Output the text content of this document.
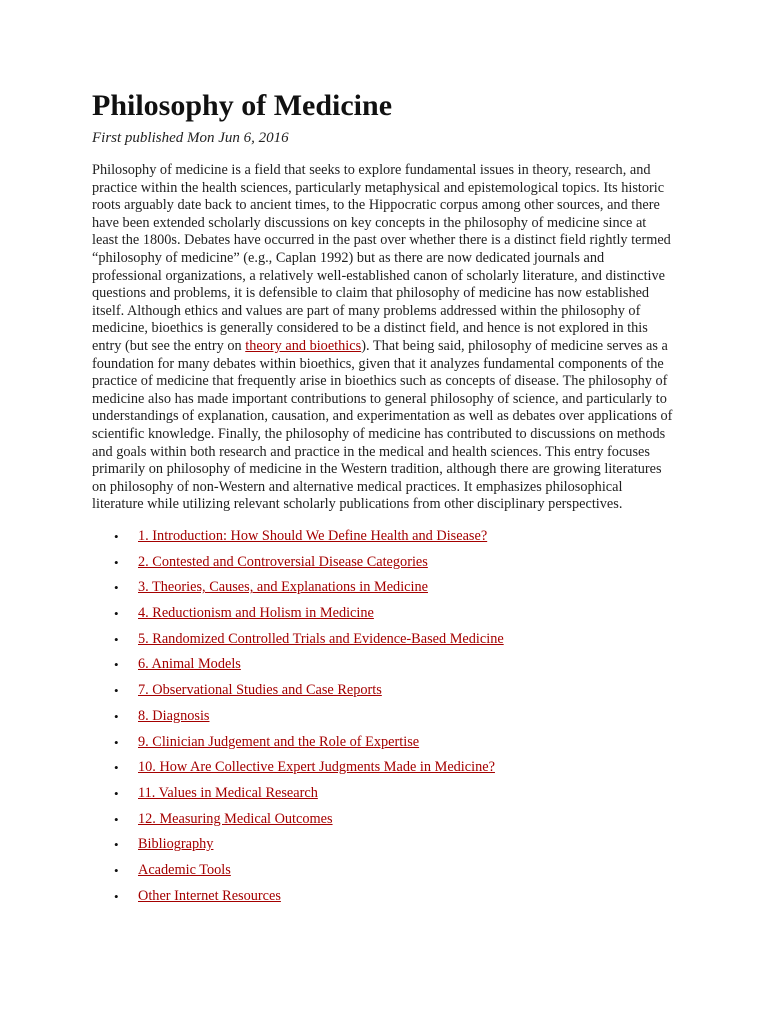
Philosophy of Medicine
First published Mon Jun 6, 2016

Philosophy of medicine is a field that seeks to explore fundamental issues in theory, research, and practice within the health sciences, particularly metaphysical and epistemological topics. Its historic roots arguably date back to ancient times, to the Hippocratic corpus among other sources, and there have been extended scholarly discussions on key concepts in the philosophy of medicine since at least the 1800s. Debates have occurred in the past over whether there is a distinct field rightly termed “philosophy of medicine” (e.g., Caplan 1992) but as there are now dedicated journals and professional organizations, a relatively well-established canon of scholarly literature, and distinctive questions and problems, it is defensible to claim that philosophy of medicine has now established itself. Although ethics and values are part of many problems addressed within the philosophy of medicine, bioethics is generally considered to be a distinct field, and hence is not explored in this entry (but see the entry on theory and bioethics). That being said, philosophy of medicine serves as a foundation for many debates within bioethics, given that it analyzes fundamental components of the practice of medicine that frequently arise in bioethics such as concepts of disease. The philosophy of medicine also has made important contributions to general philosophy of science, and particularly to understandings of explanation, causation, and experimentation as well as debates over applications of scientific knowledge. Finally, the philosophy of medicine has contributed to discussions on methods and goals within both research and practice in the medical and health sciences. This entry focuses primarily on philosophy of medicine in the Western tradition, although there are growing literatures on philosophy of non-Western and alternative medical practices. It emphasizes philosophical literature while utilizing relevant scholarly publications from other disciplinary perspectives.

• 1. Introduction: How Should We Define Health and Disease?
• 2. Contested and Controversial Disease Categories
• 3. Theories, Causes, and Explanations in Medicine
• 4. Reductionism and Holism in Medicine
• 5. Randomized Controlled Trials and Evidence-Based Medicine
• 6. Animal Models
• 7. Observational Studies and Case Reports
• 8. Diagnosis
• 9. Clinician Judgement and the Role of Expertise
• 10. How Are Collective Expert Judgments Made in Medicine?
• 11. Values in Medical Research
• 12. Measuring Medical Outcomes
• Bibliography
• Academic Tools
• Other Internet Resources
